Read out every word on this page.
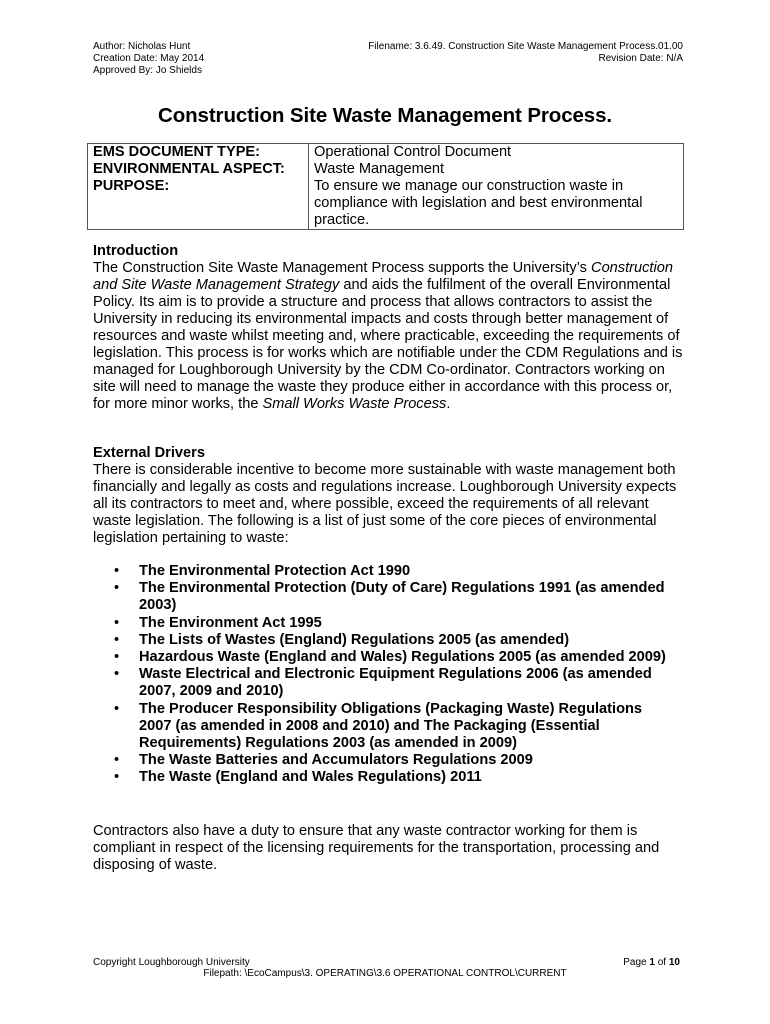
Author: Nicholas Hunt
Creation Date: May 2014
Approved By: Jo Shields
Filename: 3.6.49. Construction Site Waste Management Process.01.00
Revision Date: N/A
Construction Site Waste Management Process.
EMS DOCUMENT TYPE:	Operational Control Document
ENVIRONMENTAL ASPECT:	Waste Management
PURPOSE:	To ensure we manage our construction waste in compliance with legislation and best environmental practice.
Introduction

The Construction Site Waste Management Process supports the University’s Construction and Site Waste Management Strategy and aids the fulfilment of the overall Environmental Policy. Its aim is to provide a structure and process that allows contractors to assist the University in reducing its environmental impacts and costs through better management of resources and waste whilst meeting and, where practicable, exceeding the requirements of legislation. This process is for works which are notifiable under the CDM Regulations and is managed for Loughborough University by the CDM Co-ordinator. Contractors working on site will need to manage the waste they produce either in accordance with this process or, for more minor works, the Small Works Waste Process.

External Drivers

There is considerable incentive to become more sustainable with waste management both financially and legally as costs and regulations increase. Loughborough University expects all its contractors to meet and, where possible, exceed the requirements of all relevant waste legislation. The following is a list of just some of the core pieces of environmental legislation pertaining to waste:

• The Environmental Protection Act 1990
• The Environmental Protection (Duty of Care) Regulations 1991 (as amended 2003)
• The Environment Act 1995
• The Lists of Wastes (England) Regulations 2005 (as amended)
• Hazardous Waste (England and Wales) Regulations 2005 (as amended 2009)
• Waste Electrical and Electronic Equipment Regulations 2006 (as amended 2007, 2009 and 2010)
• The Producer Responsibility Obligations (Packaging Waste) Regulations 2007 (as amended in 2008 and 2010) and The Packaging (Essential Requirements) Regulations 2003 (as amended in 2009)
• The Waste Batteries and Accumulators Regulations 2009
• The Waste (England and Wales Regulations) 2011

Contractors also have a duty to ensure that any waste contractor working for them is compliant in respect of the licensing requirements for the transportation, processing and disposing of waste.

Copyright Loughborough University	Page 1 of 10
Filepath: \EcoCampus\3. OPERATING\3.6 OPERATIONAL CONTROL\CURRENT
